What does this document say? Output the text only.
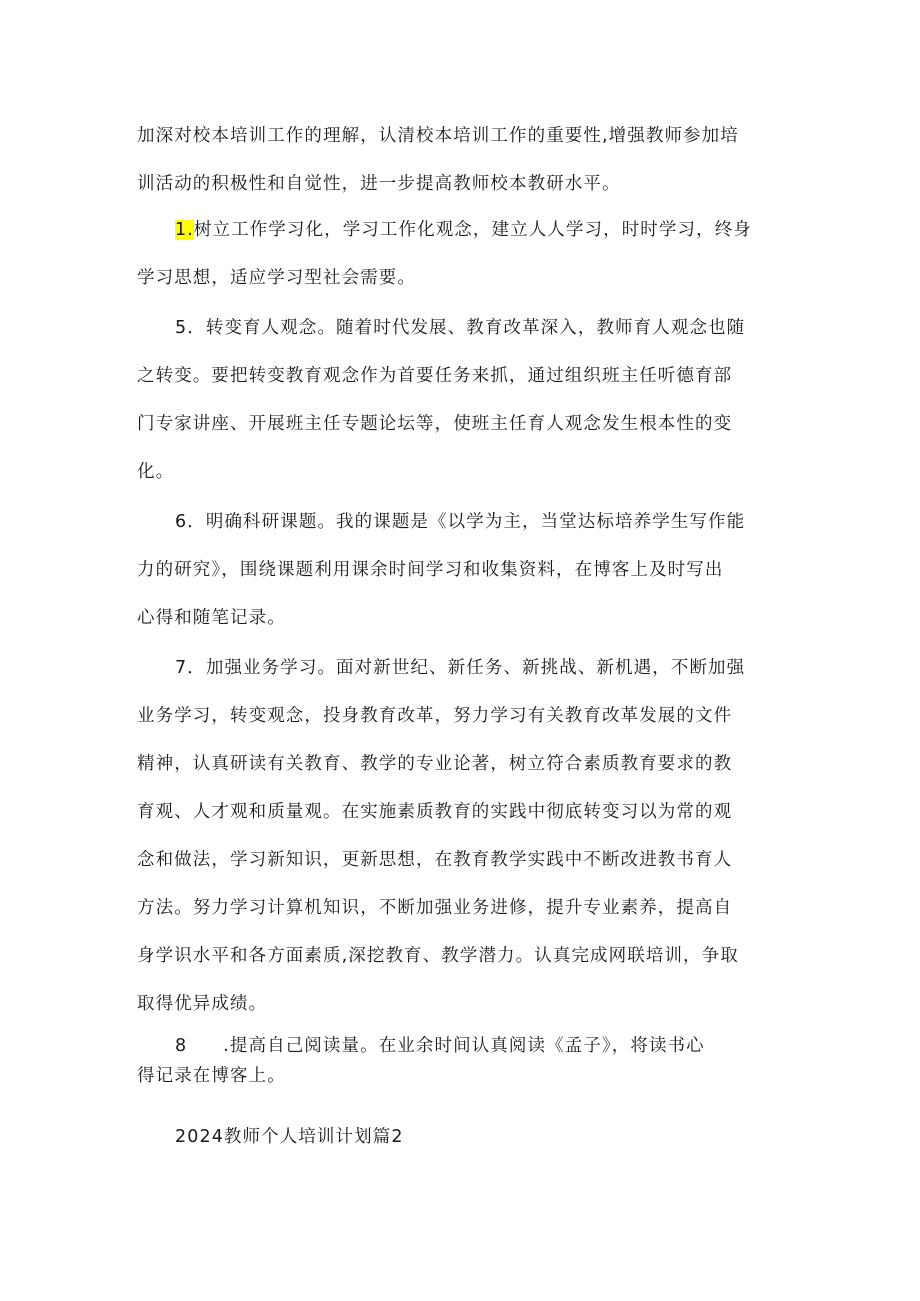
加深对校本培训工作的理解，认清校本培训工作的重要性,增强教师参加培
训活动的积极性和自觉性，进一步提高教师校本教研水平。

1.树立工作学习化，学习工作化观念，建立人人学习，时时学习，终身
学习思想，适应学习型社会需要。

5．转变育人观念。随着时代发展、教育改革深入，教师育人观念也随
之转变。要把转变教育观念作为首要任务来抓，通过组织班主任听德育部
门专家讲座、开展班主任专题论坛等，使班主任育人观念发生根本性的变
化。

6．明确科研课题。我的课题是《以学为主，当堂达标培养学生写作能
力的研究》，围绕课题利用课余时间学习和收集资料，在博客上及时写出
心得和随笔记录。

7．加强业务学习。面对新世纪、新任务、新挑战、新机遇，不断加强
业务学习，转变观念，投身教育改革，努力学习有关教育改革发展的文件
精神，认真研读有关教育、教学的专业论著，树立符合素质教育要求的教
育观、人才观和质量观。在实施素质教育的实践中彻底转变习以为常的观
念和做法，学习新知识，更新思想，在教育教学实践中不断改进教书育人
方法。努力学习计算机知识，不断加强业务进修，提升专业素养，提高自
身学识水平和各方面素质,深挖教育、教学潜力。认真完成网联培训，争取
取得优异成绩。

8 .提高自己阅读量。在业余时间认真阅读《孟子》，将读书心
得记录在博客上。

2024教师个人培训计划篇2
